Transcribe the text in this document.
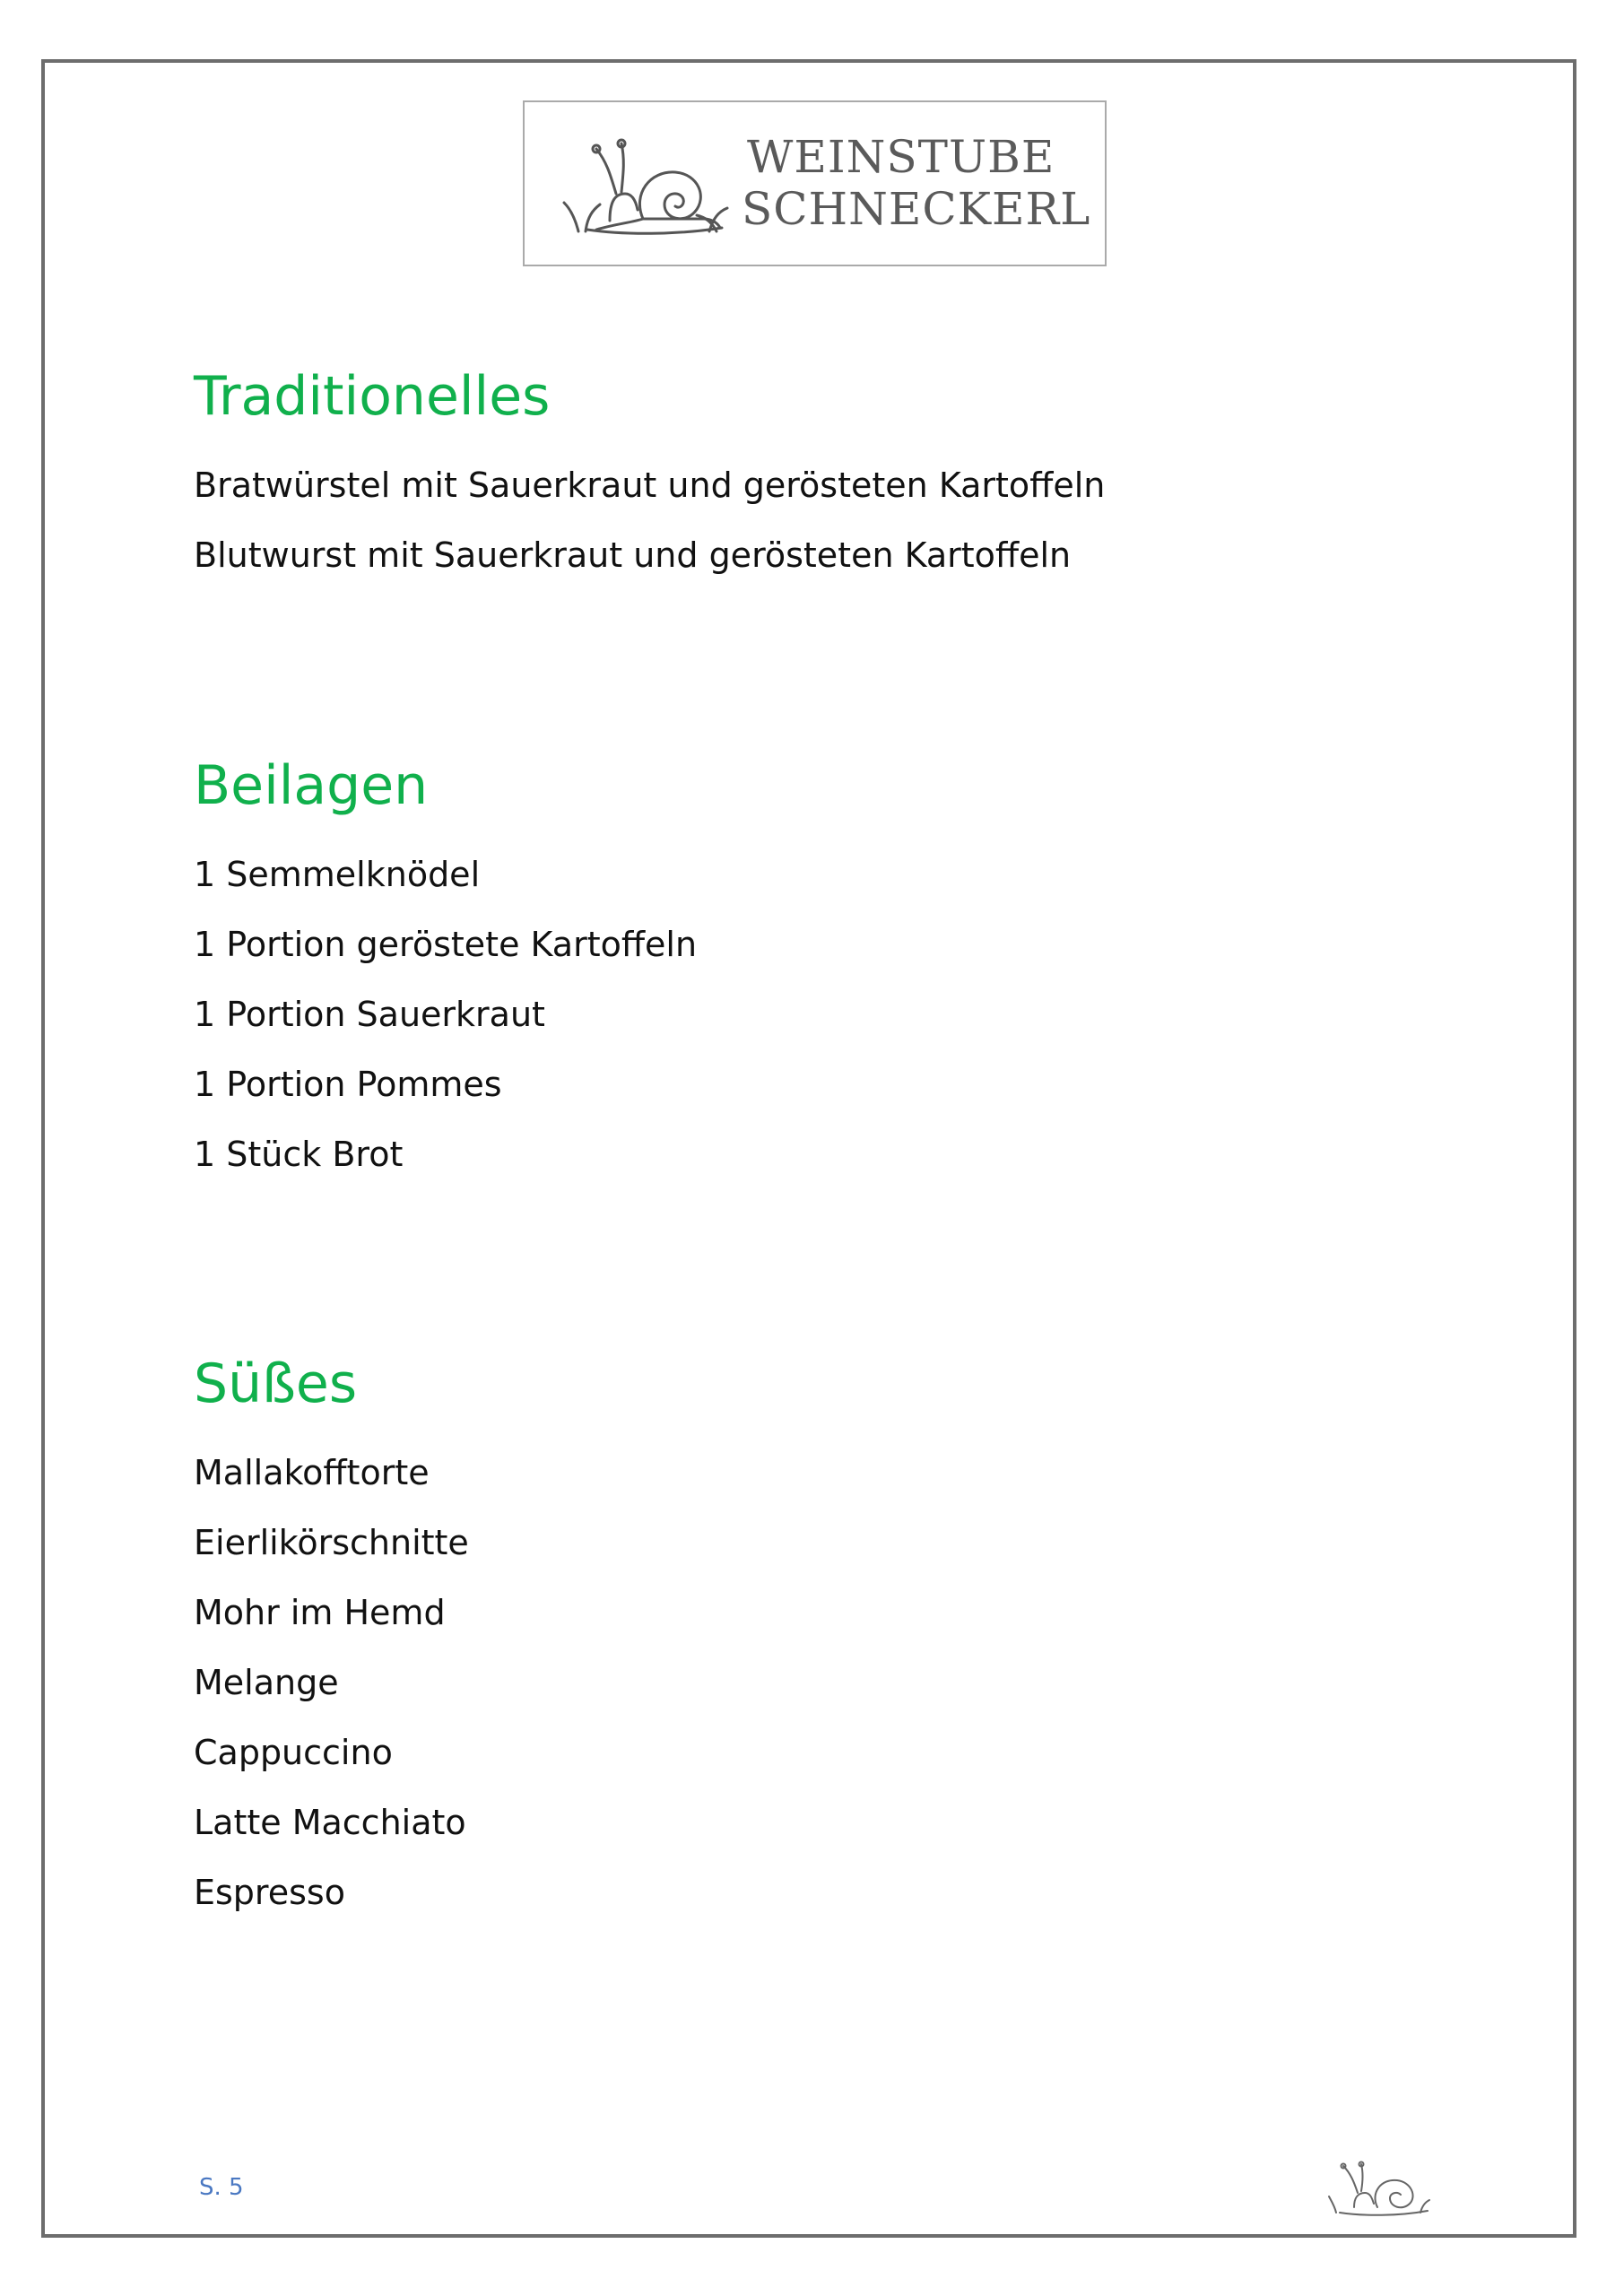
WEINSTUBE
SCHNECKERL
Traditionelles
Bratwürstel mit Sauerkraut und gerösteten Kartoffeln
Blutwurst mit Sauerkraut und gerösteten Kartoffeln
Beilagen
1 Semmelknödel
1 Portion geröstete Kartoffeln
1 Portion Sauerkraut
1 Portion Pommes
1 Stück Brot
Süßes
Mallakofftorte
Eierlikörschnitte
Mohr im Hemd
Melange
Cappuccino
Latte Macchiato
Espresso
S. 5
